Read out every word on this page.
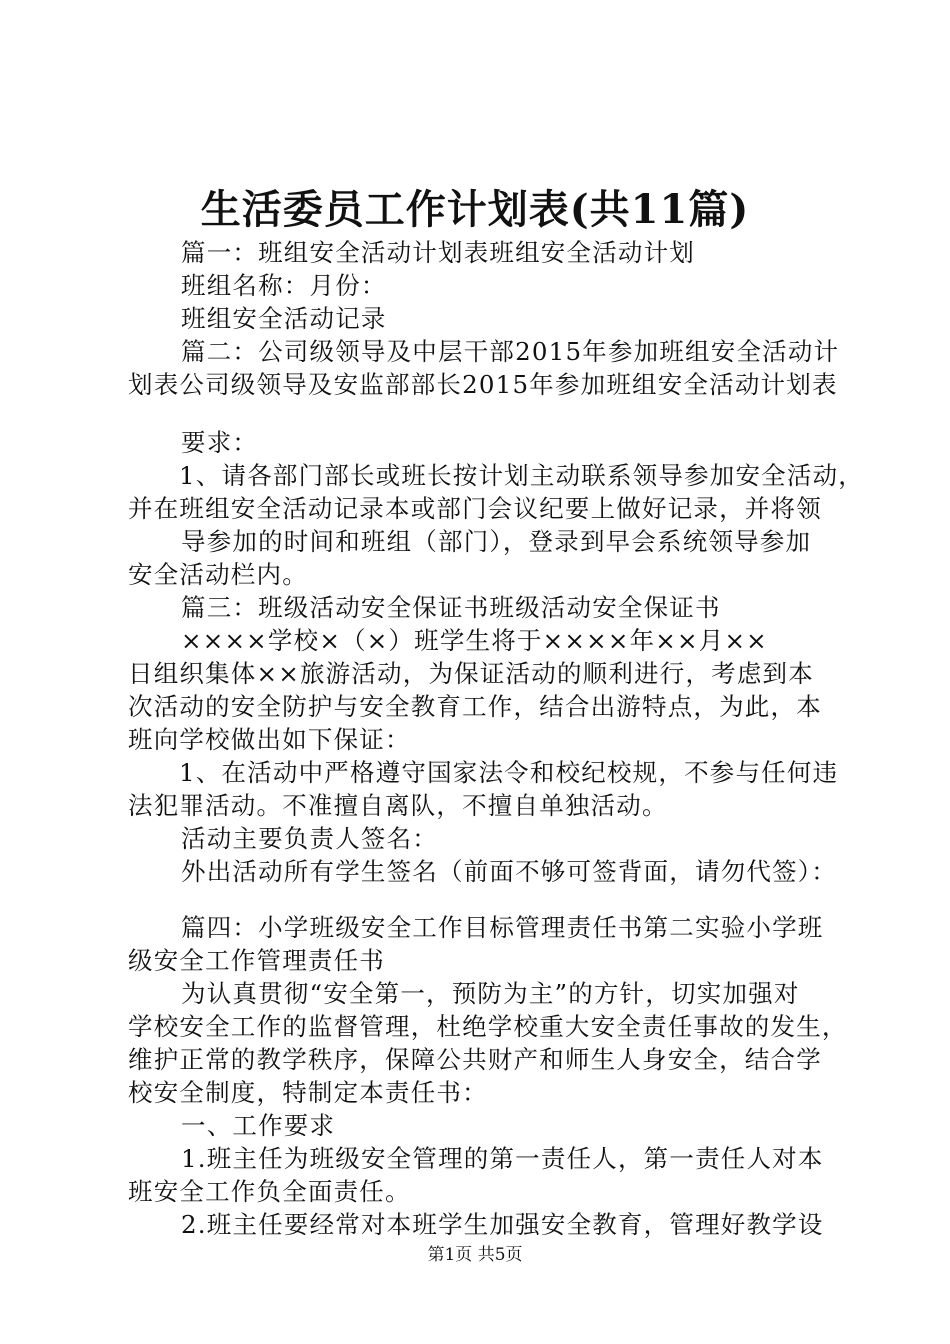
生活委员工作计划表(共11篇)
篇一：班组安全活动计划表班组安全活动计划
班组名称：月份：
班组安全活动记录
篇二：公司级领导及中层干部2015年参加班组安全活动计
划表公司级领导及安监部部长2015年参加班组安全活动计划表
要求：
1、请各部门部长或班长按计划主动联系领导参加安全活动，
并在班组安全活动记录本或部门会议纪要上做好记录，并将领
导参加的时间和班组（部门），登录到早会系统领导参加
安全活动栏内。
篇三：班级活动安全保证书班级活动安全保证书
××××学校×（×）班学生将于××××年××月××
日组织集体××旅游活动，为保证活动的顺利进行，考虑到本
次活动的安全防护与安全教育工作，结合出游特点，为此，本
班向学校做出如下保证：
1、在活动中严格遵守国家法令和校纪校规，不参与任何违
法犯罪活动。不准擅自离队，不擅自单独活动。
活动主要负责人签名：
外出活动所有学生签名（前面不够可签背面，请勿代签）：
篇四：小学班级安全工作目标管理责任书第二实验小学班
级安全工作管理责任书
为认真贯彻“安全第一，预防为主”的方针，切实加强对
学校安全工作的监督管理，杜绝学校重大安全责任事故的发生，
维护正常的教学秩序，保障公共财产和师生人身安全，结合学
校安全制度，特制定本责任书：
一、工作要求
1.班主任为班级安全管理的第一责任人，第一责任人对本
班安全工作负全面责任。
2.班主任要经常对本班学生加强安全教育，管理好教学设
第1页 共5页
